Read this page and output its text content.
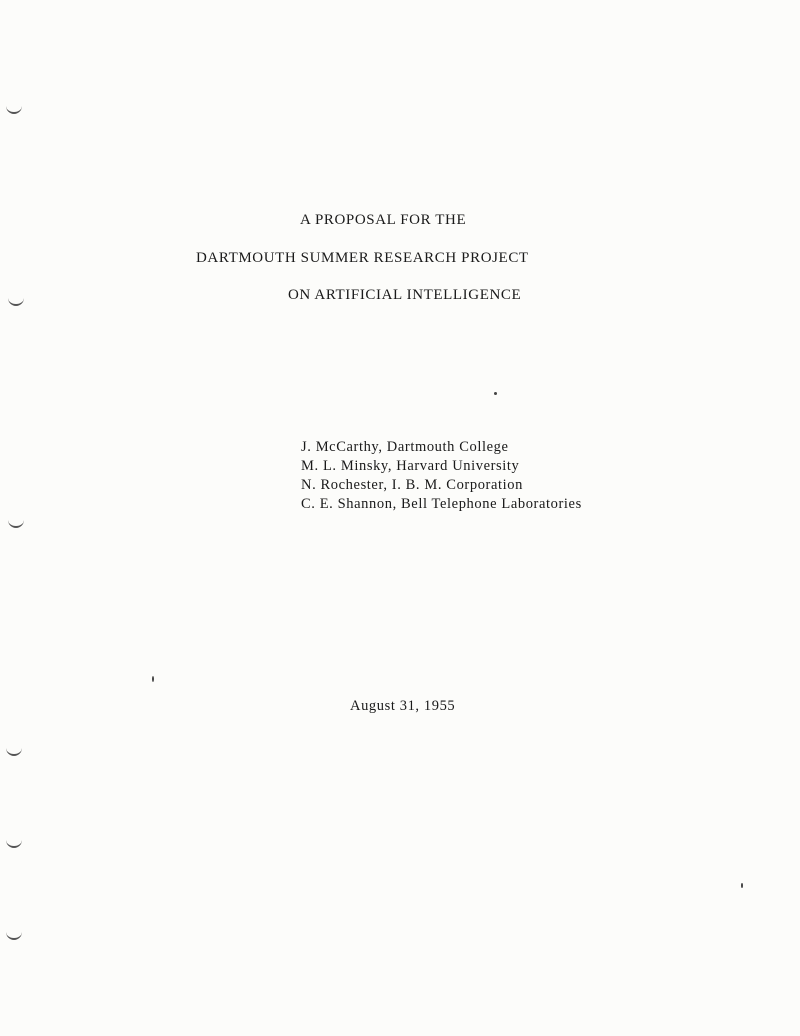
A PROPOSAL FOR THE
DARTMOUTH SUMMER RESEARCH PROJECT
ON ARTIFICIAL INTELLIGENCE
J. McCarthy, Dartmouth College
M. L. Minsky, Harvard University
N. Rochester, I. B. M. Corporation
C. E. Shannon, Bell Telephone Laboratories
August 31, 1955
